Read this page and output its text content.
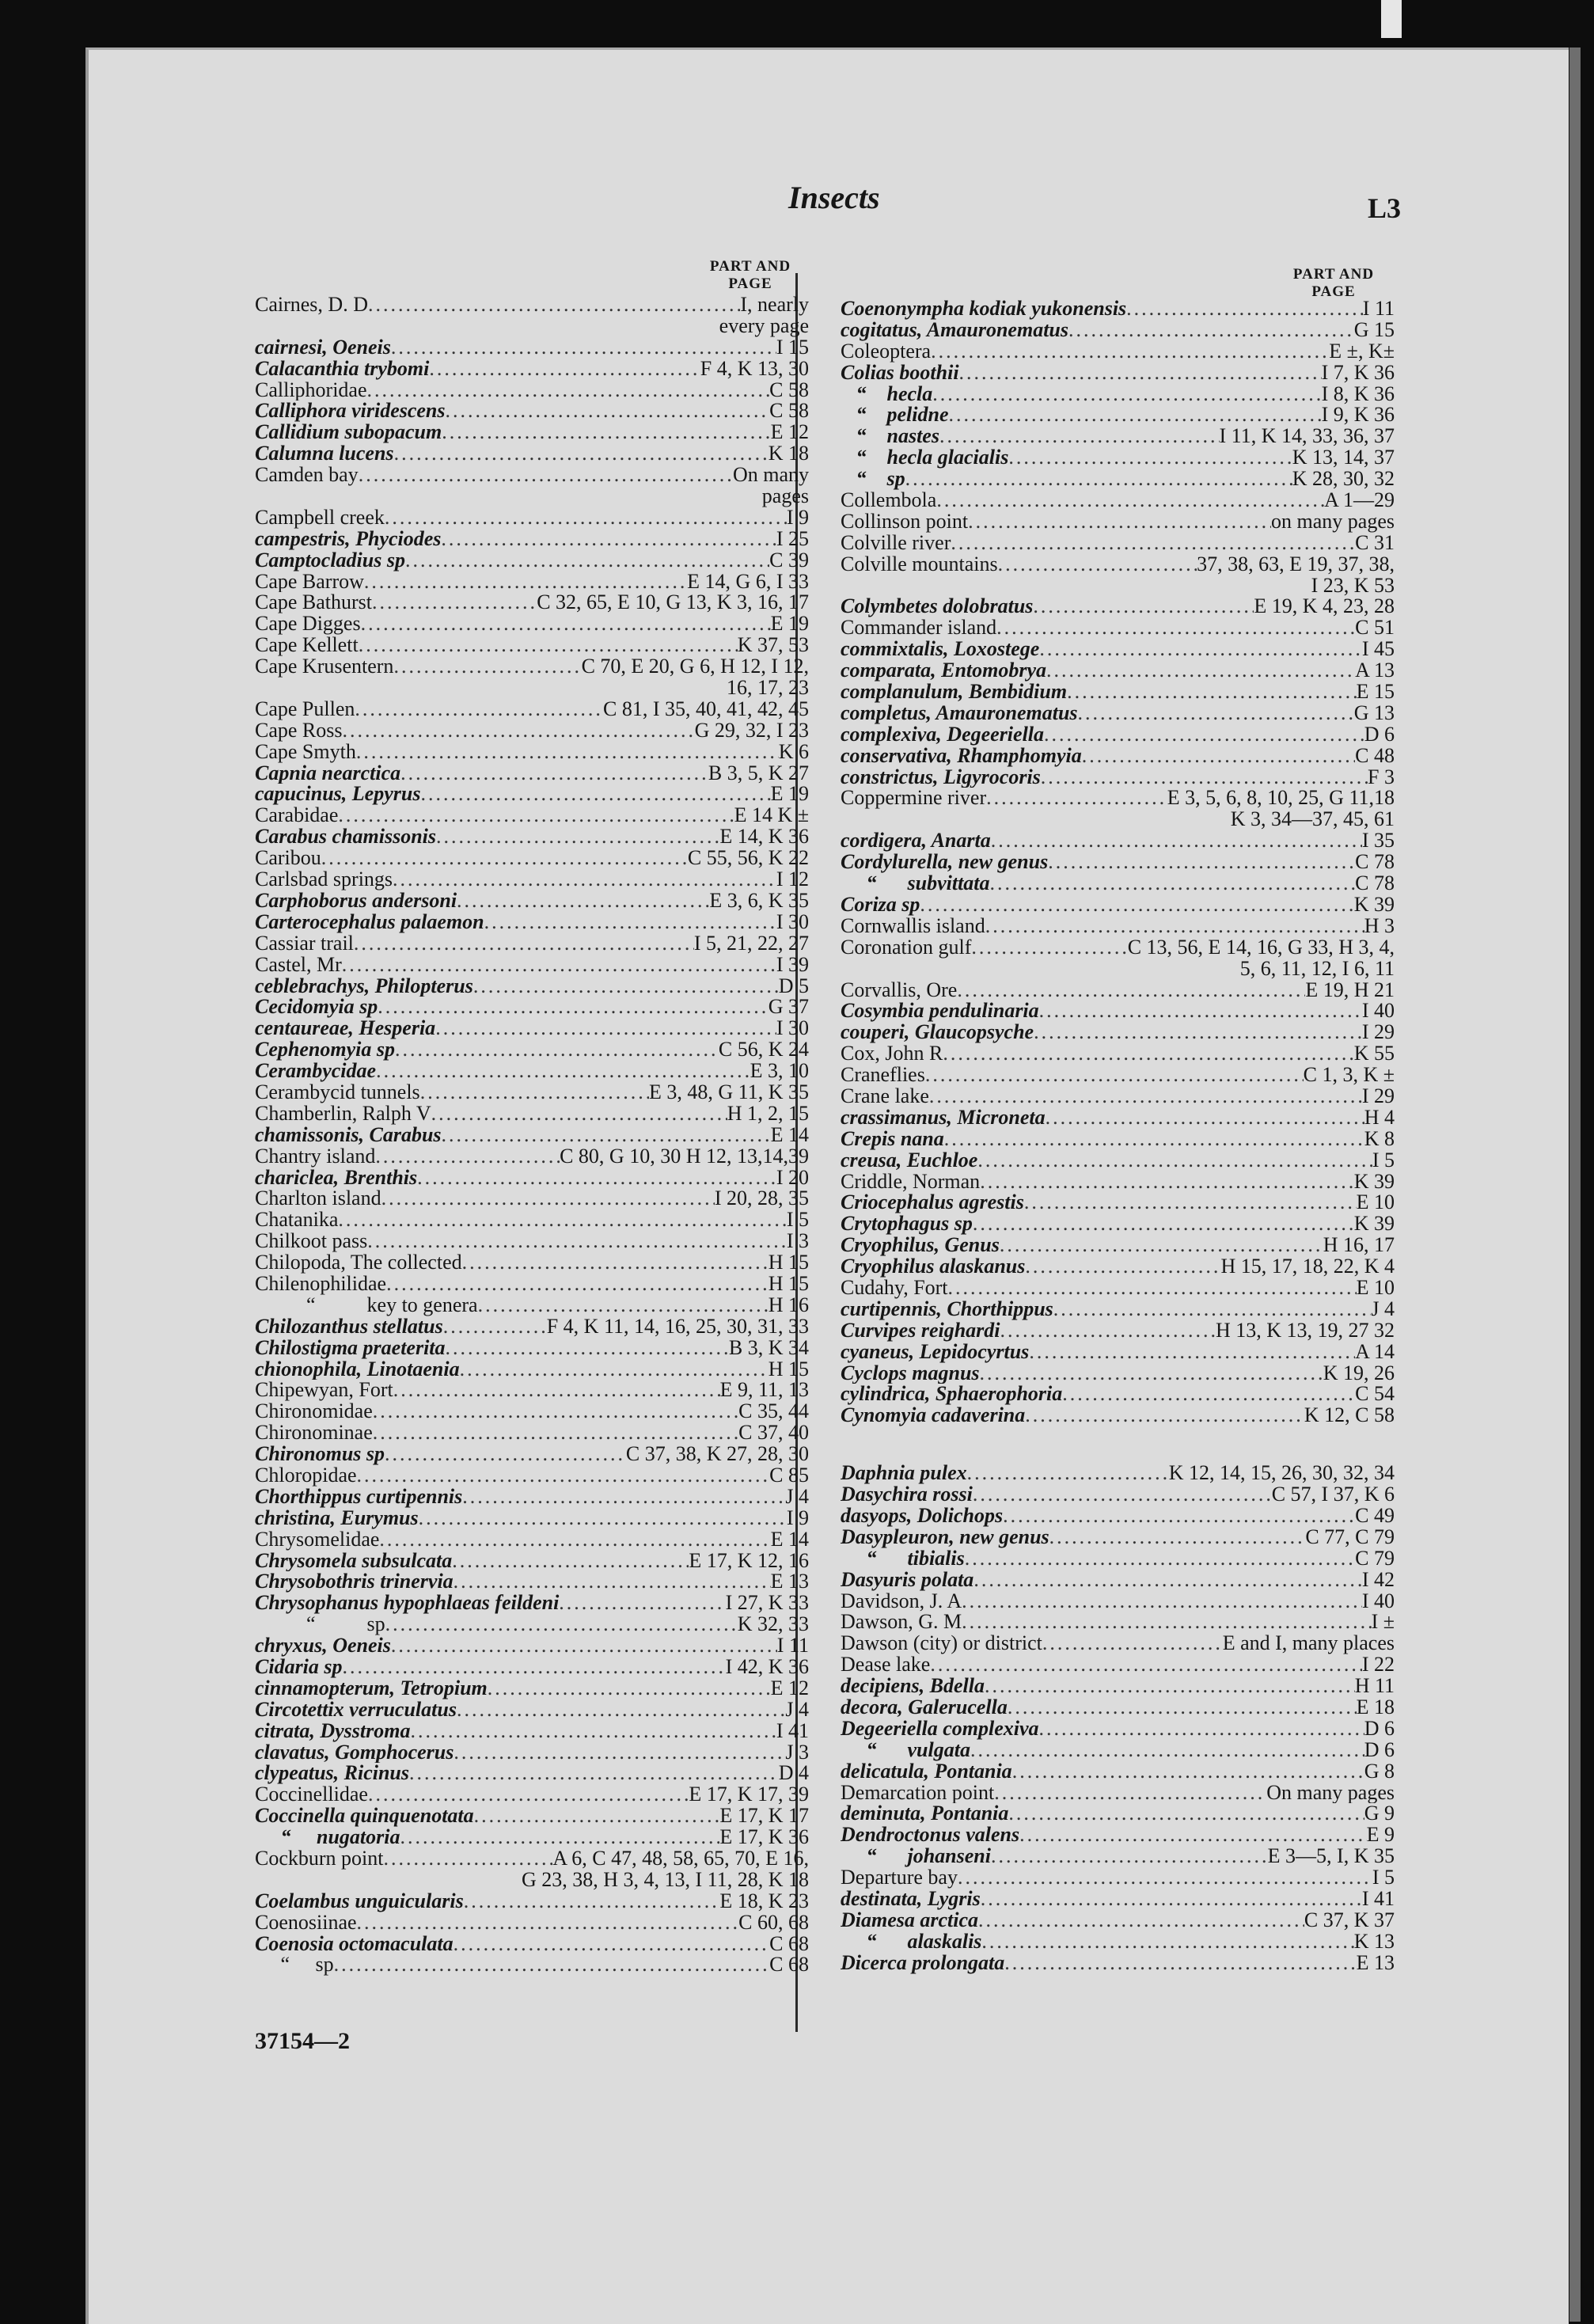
Insects	L3
PART AND
PAGE
PART AND
PAGE
Cairnes, D. D .....	I, nearly
every page
cairnesi, Oeneis .....	I 15
Calacanthia trybomi .....	F 4, K 13, 30
Calliphoridae .....	C 58
Calliphora viridescens .....	C 58
Callidium subopacum .....	E 12
Calumna lucens .....	K 18
Camden bay .....	On many
pages
Campbell creek .....	I 9
campestris, Phyciodes .....	I 25
Camptocladius sp .....	C 39
Cape Barrow .....	E 14, G 6, I 33
Cape Bathurst .....	C 32, 65, E 10, G 13, K 3, 16, 17
Cape Digges .....	E 19
Cape Kellett .....	K 37, 53
Cape Krusentern .....	C 70, E 20, G 6, H 12, I 12,
16, 17, 23
Cape Pullen .....	C 81, I 35, 40, 41, 42, 45
Cape Ross .....	G 29, 32, I 23
Cape Smyth .....	K 6
Capnia nearctica .....	B 3, 5, K 27
capucinus, Lepyrus .....	E 19
Carabidae .....	E 14 K ±
Carabus chamissonis .....	E 14, K 36
Caribou .....	C 55, 56, K 22
Carlsbad springs .....	I 12
Carphoborus andersoni .....	E 3, 6, K 35
Carterocephalus palaemon .....	I 30
Cassiar trail .....	I 5, 21, 22, 27
Castel, Mr .....	I 39
ceblebrachys, Philopterus .....	D 5
Cecidomyia sp .....	G 37
centaureae, Hesperia .....	I 30
Cephenomyia sp .....	C 56, K 24
Cerambycidae .....	E 3, 10
Cerambycid tunnels .....	E 3, 48, G 11, K 35
Chamberlin, Ralph V .....	H 1, 2, 15
chamissonis, Carabus .....	E 14
Chantry island .....	C 80, G 10, 30 H 12, 13,14,39
chariclea, Brenthis .....	I 20
Charlton island .....	I 20, 28, 35
Chatanika .....	I 5
Chilkoot pass .....	I 3
Chilopoda, The collected .....	H 15
Chilenophilidae .....	H 15
“          key to genera .....	H 16
Chilozanthus stellatus .....	F 4, K 11, 14, 16, 25, 30, 31, 33
Chilostigma praeterita .....	B 3, K 34
chionophila, Linotaenia .....	H 15
Chipewyan, Fort .....	E 9, 11, 13
Chironomidae .....	C 35, 44
Chironominae .....	C 37, 40
Chironomus sp .....	C 37, 38, K 27, 28, 30
Chloropidae .....	C 85
Chorthippus curtipennis .....	J 4
christina, Eurymus .....	I 9
Chrysomelidae .....	E 14
Chrysomela subsulcata .....	E 17, K 12, 16
Chrysobothris trinervia .....	E 13
Chrysophanus hypophlaeas feildeni .....	I 27, K 33
“          sp .....	K 32, 33
chryxus, Oeneis .....	I 11
Cidaria sp .....	I 42, K 36
cinnamopterum, Tetropium .....	E 12
Circotettix verruculatus .....	J 4
citrata, Dysstroma .....	I 41
clavatus, Gomphocerus .....	J 3
clypeatus, Ricinus .....	D 4
Coccinellidae .....	E 17, K 17, 39
Coccinella quinquenotata .....	E 17, K 17
“     nugatoria .....	E 17, K 36
Cockburn point .....	A 6, C 47, 48, 58, 65, 70, E 16,
G 23, 38, H 3, 4, 13, I 11, 28, K 18
Coelambus unguicularis .....	E 18, K 23
Coenosiinae .....	C 60, 68
Coenosia octomaculata .....	C 68
“     sp .....	C 68
Coenonympha kodiak yukonensis .....	I 11
cogitatus, Amauronematus .....	G 15
Coleoptera .....	E ±, K±
Colias boothii .....	I 7, K 36
“    hecla .....	I 8, K 36
“    pelidne .....	I 9, K 36
“    nastes .....	I 11, K 14, 33, 36, 37
“    hecla glacialis .....	K 13, 14, 37
“    sp .....	K 28, 30, 32
Collembola .....	A 1—29
Collinson point .....	on many pages
Colville river .....	C 31
Colville mountains .....	37, 38, 63, E 19, 37, 38,
I 23, K 53
Colymbetes dolobratus .....	E 19, K 4, 23, 28
Commander island .....	C 51
commixtalis, Loxostege .....	I 45
comparata, Entomobrya .....	A 13
complanulum, Bembidium .....	E 15
completus, Amauronematus .....	G 13
complexiva, Degeeriella .....	D 6
conservativa, Rhamphomyia .....	C 48
constrictus, Ligyrocoris .....	F 3
Coppermine river .....	E 3, 5, 6, 8, 10, 25, G 11,18
K 3, 34—37, 45, 61
cordigera, Anarta .....	I 35
Cordylurella, new genus .....	C 78
“      subvittata .....	C 78
Coriza sp .....	K 39
Cornwallis island .....	H 3
Coronation gulf .....	C 13, 56, E 14, 16, G 33, H 3, 4,
5, 6, 11, 12, I 6, 11
Corvallis, Ore .....	E 19, H 21
Cosymbia pendulinaria .....	I 40
couperi, Glaucopsyche .....	I 29
Cox, John R .....	K 55
Craneflies .....	C 1, 3, K ±
Crane lake .....	I 29
crassimanus, Microneta .....	H 4
Crepis nana .....	K 8
creusa, Euchloe .....	I 5
Criddle, Norman .....	K 39
Criocephalus agrestis .....	E 10
Crytophagus sp .....	K 39
Cryophilus, Genus .....	H 16, 17
Cryophilus alaskanus .....	H 15, 17, 18, 22, K 4
Cudahy, Fort .....	E 10
curtipennis, Chorthippus .....	J 4
Curvipes reighardi .....	H 13, K 13, 19, 27 32
cyaneus, Lepidocyrtus .....	A 14
Cyclops magnus .....	K 19, 26
cylindrica, Sphaerophoria .....	C 54
Cynomyia cadaverina .....	K 12, C 58
Daphnia pulex .....	K 12, 14, 15, 26, 30, 32, 34
Dasychira rossi .....	C 57, I 37, K 6
dasyops, Dolichops .....	C 49
Dasypleuron, new genus .....	C 77, C 79
“      tibialis .....	C 79
Dasyuris polata .....	I 42
Davidson, J. A .....	I 40
Dawson, G. M .....	I ±
Dawson (city) or district .....	E and I, many places
Dease lake .....	I 22
decipiens, Bdella .....	H 11
decora, Galerucella .....	E 18
Degeeriella complexiva .....	D 6
“      vulgata .....	D 6
delicatula, Pontania .....	G 8
Demarcation point .....	On many pages
deminuta, Pontania .....	G 9
Dendroctonus valens .....	E 9
“      johanseni .....	E 3—5, I, K 35
Departure bay .....	I 5
destinata, Lygris .....	I 41
Diamesa arctica .....	C 37, K 37
“      alaskalis .....	K 13
Dicerca prolongata .....	E 13
37154—2
